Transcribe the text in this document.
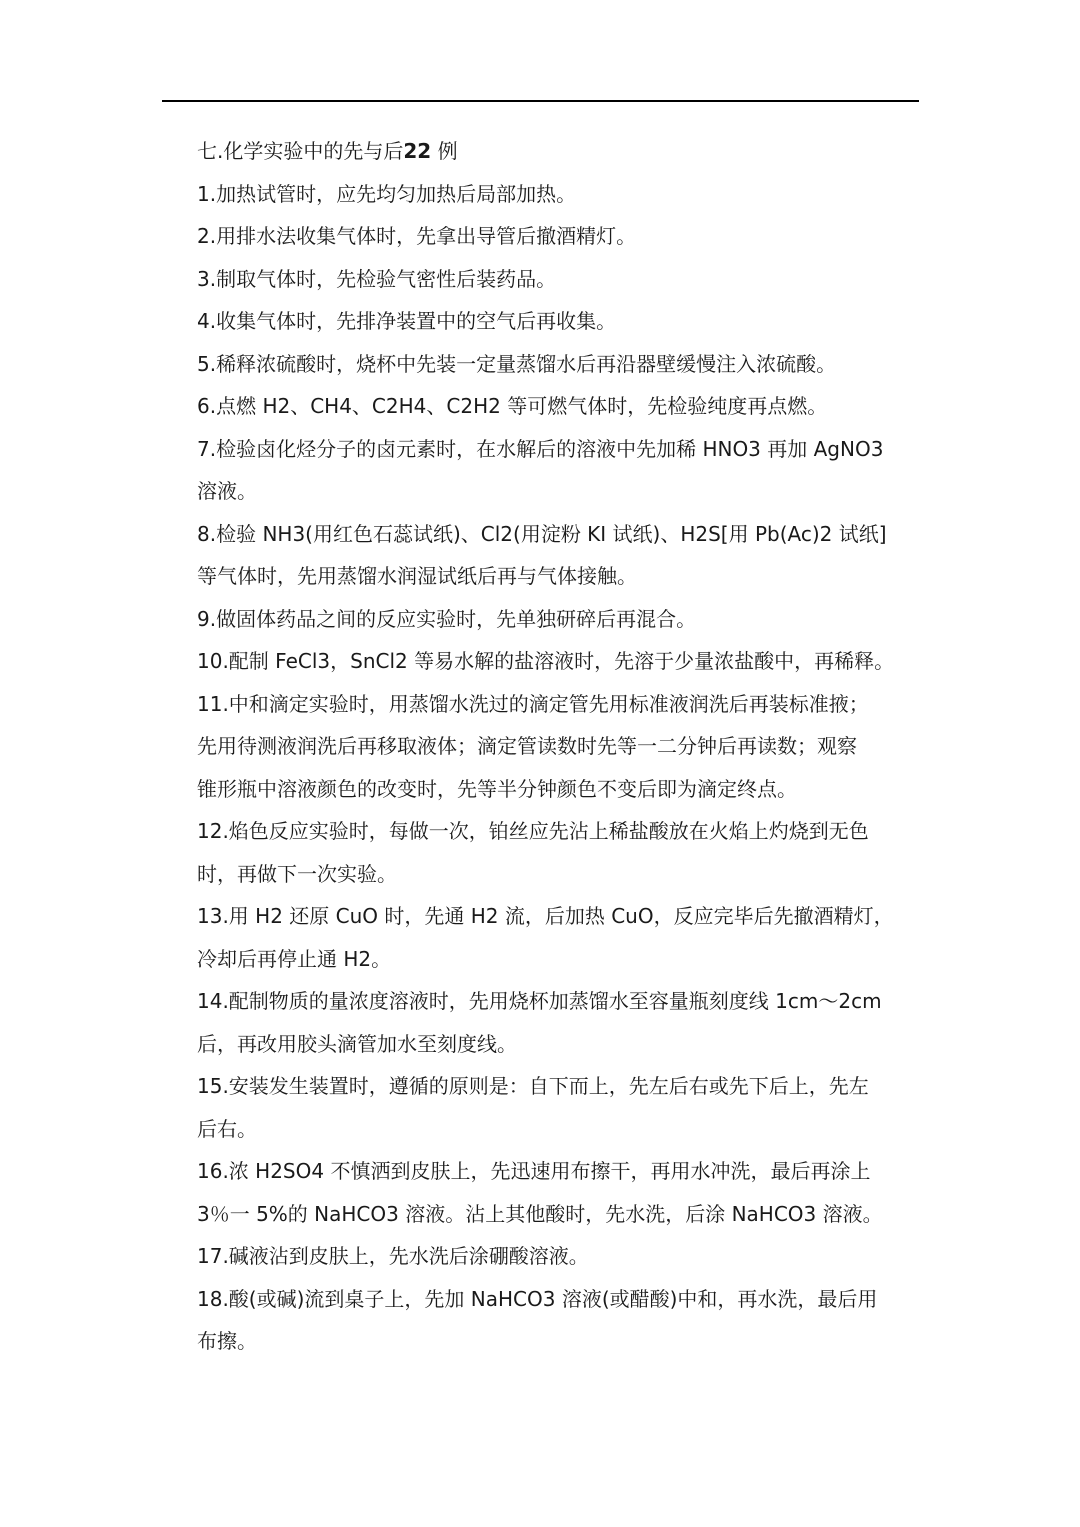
七.化学实验中的先与后22 例

1.加热试管时，应先均匀加热后局部加热。

2.用排水法收集气体时，先拿出导管后撤酒精灯。

3.制取气体时，先检验气密性后装药品。

4.收集气体时，先排净装置中的空气后再收集。

5.稀释浓硫酸时，烧杯中先装一定量蒸馏水后再沿器壁缓慢注入浓硫酸。

6.点燃 H2、CH4、C2H4、C2H2 等可燃气体时，先检验纯度再点燃。

7.检验卤化烃分子的卤元素时，在水解后的溶液中先加稀 HNO3 再加 AgNO3

溶液。

8.检验 NH3(用红色石蕊试纸)、Cl2(用淀粉 KI 试纸)、H2S[用 Pb(Ac)2 试纸]

等气体时，先用蒸馏水润湿试纸后再与气体接触。

9.做固体药品之间的反应实验时，先单独研碎后再混合。

10.配制 FeCl3，SnCl2 等易水解的盐溶液时，先溶于少量浓盐酸中，再稀释。

11.中和滴定实验时，用蒸馏水洗过的滴定管先用标准液润洗后再装标准掖；

先用待测液润洗后再移取液体；滴定管读数时先等一二分钟后再读数；观察

锥形瓶中溶液颜色的改变时，先等半分钟颜色不变后即为滴定终点。

12.焰色反应实验时，每做一次，铂丝应先沾上稀盐酸放在火焰上灼烧到无色

时，再做下一次实验。

13.用 H2 还原 CuO 时，先通 H2 流，后加热 CuO，反应完毕后先撤酒精灯，

冷却后再停止通 H2。

14.配制物质的量浓度溶液时，先用烧杯加蒸馏水至容量瓶刻度线 1cm～2cm

后，再改用胶头滴管加水至刻度线。

15.安装发生装置时，遵循的原则是：自下而上，先左后右或先下后上，先左

后右。

16.浓 H2SO4 不慎洒到皮肤上，先迅速用布擦干，再用水冲洗，最后再涂上

3％一 5%的 NaHCO3 溶液。沾上其他酸时，先水洗，后涂 NaHCO3 溶液。

17.碱液沾到皮肤上，先水洗后涂硼酸溶液。

18.酸(或碱)流到桌子上，先加 NaHCO3 溶液(或醋酸)中和，再水洗，最后用

布擦。
